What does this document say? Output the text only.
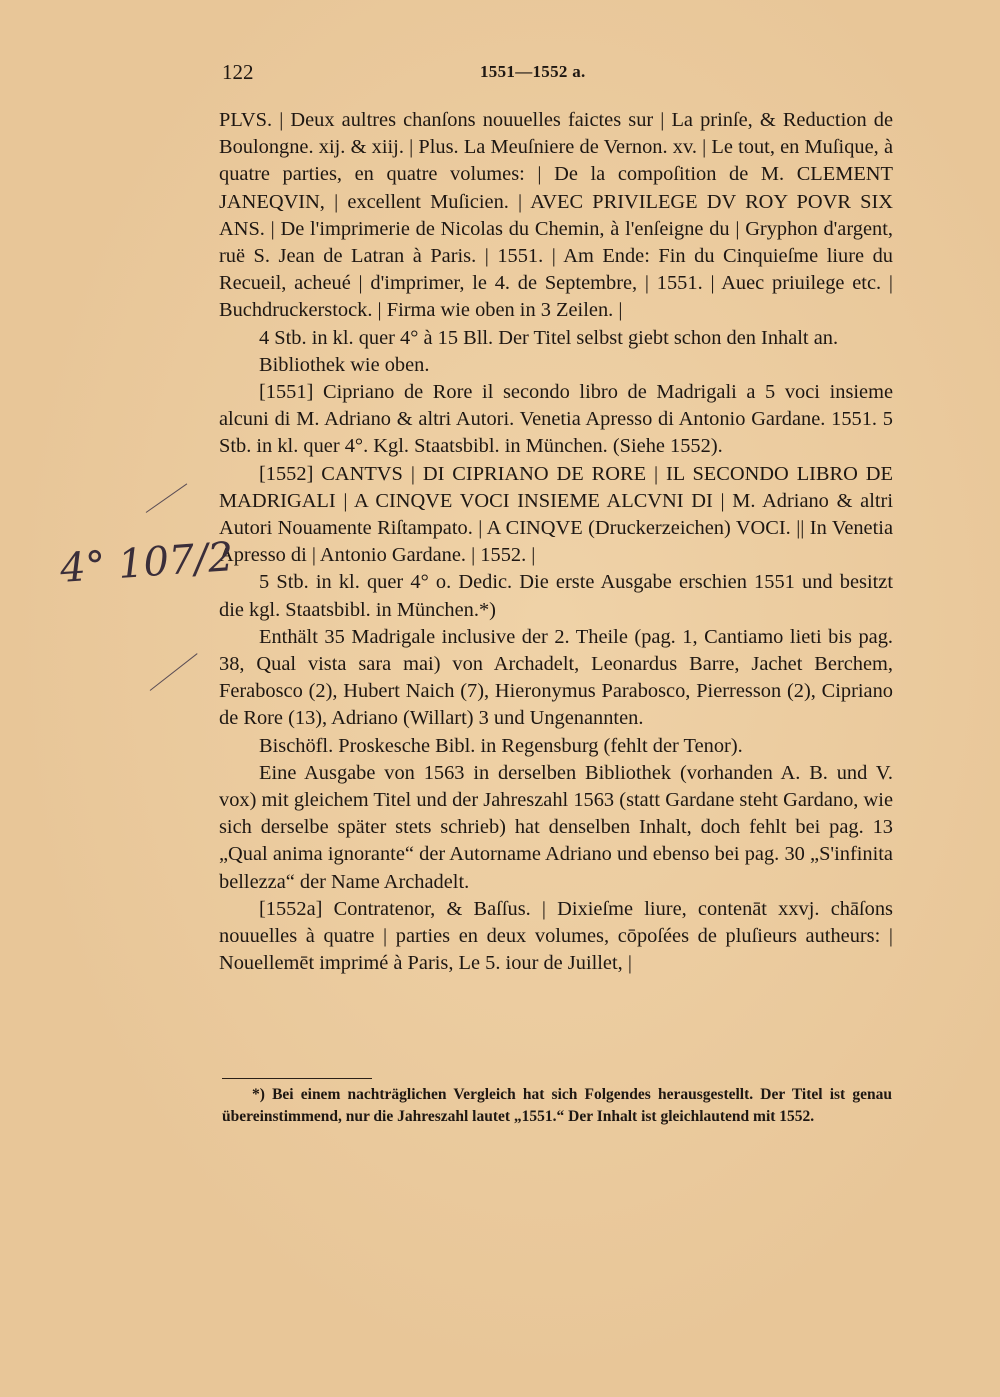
122	1551—1552 a.

PLVS. | Deux aultres chanſons nouuelles faictes sur | La prinſe, & Reduction de Boulongne. xij. & xiij. | Plus. La Meuſniere de Vernon. xv. | Le tout, en Muſique, à quatre parties, en quatre volumes: | De la compoſition de M. CLEMENT JANEQVIN, | excellent Muſicien. | AVEC PRIVILEGE DV ROY POVR SIX ANS. | De l'imprimerie de Nicolas du Chemin, à l'enſeigne du | Gryphon d'argent, ruë S. Jean de Latran à Paris. | 1551. | Am Ende: Fin du Cinquieſme liure du Recueil, acheué | d'imprimer, le 4. de Septembre, | 1551. | Auec priuilege etc. | Buchdruckerstock. | Firma wie oben in 3 Zeilen. |

4 Stb. in kl. quer 4° à 15 Bll. Der Titel selbst giebt schon den Inhalt an.

Bibliothek wie oben.

[1551] Cipriano de Rore il secondo libro de Madrigali a 5 voci insieme alcuni di M. Adriano & altri Autori. Venetia Apresso di Antonio Gardane. 1551. 5 Stb. in kl. quer 4°. Kgl. Staatsbibl. in München. (Siehe 1552).

[1552] CANTVS | DI CIPRIANO DE RORE | IL SECONDO LIBRO DE MADRIGALI | A CINQVE VOCI INSIEME ALCVNI DI | M. Adriano & altri Autori Nouamente Riſtampato. | A CINQVE (Druckerzeichen) VOCI. || In Venetia Apresso di | Antonio Gardane. | 1552. |

5 Stb. in kl. quer 4° o. Dedic. Die erste Ausgabe erschien 1551 und besitzt die kgl. Staatsbibl. in München.*)

Enthält 35 Madrigale inclusive der 2. Theile (pag. 1, Cantiamo lieti bis pag. 38, Qual vista sara mai) von Archadelt, Leonardus Barre, Jachet Berchem, Ferabosco (2), Hubert Naich (7), Hieronymus Parabosco, Pierresson (2), Cipriano de Rore (13), Adriano (Willart) 3 und Ungenannten.

Bischöfl. Proskesche Bibl. in Regensburg (fehlt der Tenor).

Eine Ausgabe von 1563 in derselben Bibliothek (vorhanden A. B. und V. vox) mit gleichem Titel und der Jahreszahl 1563 (statt Gardane steht Gardano, wie sich derselbe später stets schrieb) hat denselben Inhalt, doch fehlt bei pag. 13 „Qual anima ignorante“ der Autorname Adriano und ebenso bei pag. 30 „S'infinita bellezza“ der Name Archadelt.

[1552a] Contratenor, & Baſſus. | Dixieſme liure, contenāt xxvj. chāſons nouuelles à quatre | parties en deux volumes, cōpoſées de pluſieurs autheurs: | Nouellemēt imprimé à Paris, Le 5. iour de Juillet, |

*) Bei einem nachträglichen Vergleich hat sich Folgendes herausgestellt. Der Titel ist genau übereinstimmend, nur die Jahreszahl lautet „1551.“ Der Inhalt ist gleichlautend mit 1552.

4° 107/2
